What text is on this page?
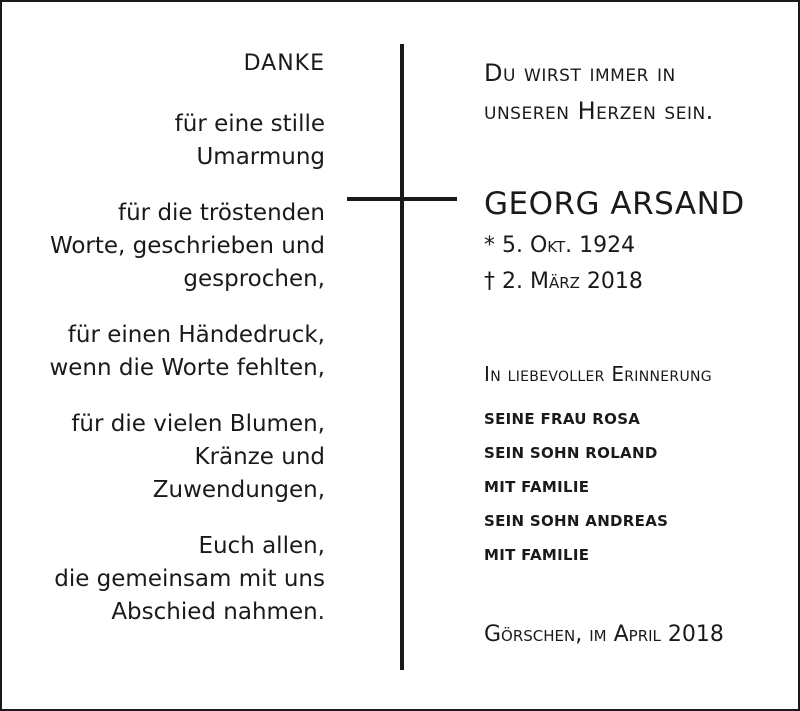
DANKE
für eine stille
Umarmung
für die tröstenden
Worte, geschrieben und
gesprochen,
für einen Händedruck,
wenn die Worte fehlten,
für die vielen Blumen,
Kränze und
Zuwendungen,
Euch allen,
die gemeinsam mit uns
Abschied nahmen.
Du wirst immer in
unseren Herzen sein.
GEORG ARSAND
* 5. Okt. 1924
† 2. März 2018
In liebevoller Erinnerung
SEINE FRAU ROSA
SEIN SOHN ROLAND
MIT FAMILIE
SEIN SOHN ANDREAS
MIT FAMILIE
Görschen, im April 2018
